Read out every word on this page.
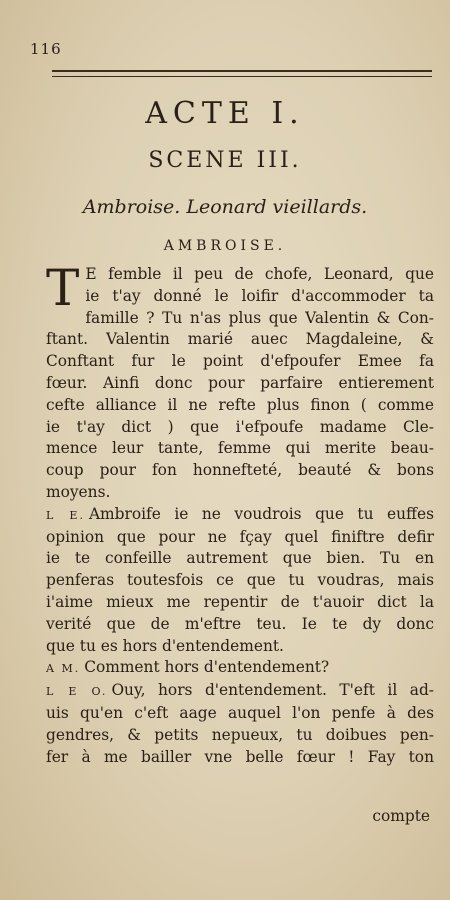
116
ACTE I.
SCENE III.
Ambroise. Leonard vieillards.
AMBROISE.
T E femble il peu de chofe, Leonard, que
ie t'ay donné le loifir d'accommoder ta
famille ? Tu n'as plus que Valentin & Con-
ftant. Valentin marié auec Magdaleine, &
Conftant fur le point d'efpoufer Emee fa
fœur. Ainfi donc pour parfaire entierement
cefte alliance il ne refte plus finon ( comme
ie t'ay dict ) que i'efpoufe madame Cle-
mence leur tante, femme qui merite beau-
coup pour fon honnefteté, beauté & bons
moyens.
L E. Ambroife ie ne voudrois que tu euffes
opinion que pour ne fçay quel finiftre defir
ie te confeille autrement que bien. Tu en
penferas toutesfois ce que tu voudras, mais
i'aime mieux me repentir de t'auoir dict la
verité que de m'eftre teu. Ie te dy donc
que tu es hors d'entendement.
A M. Comment hors d'entendement?
L E O. Ouy, hors d'entendement. T'eft il ad-
uis qu'en c'eft aage auquel l'on penfe à des
gendres, & petits nepueux, tu doibues pen-
fer à me bailler vne belle fœur ! Fay ton
compte
